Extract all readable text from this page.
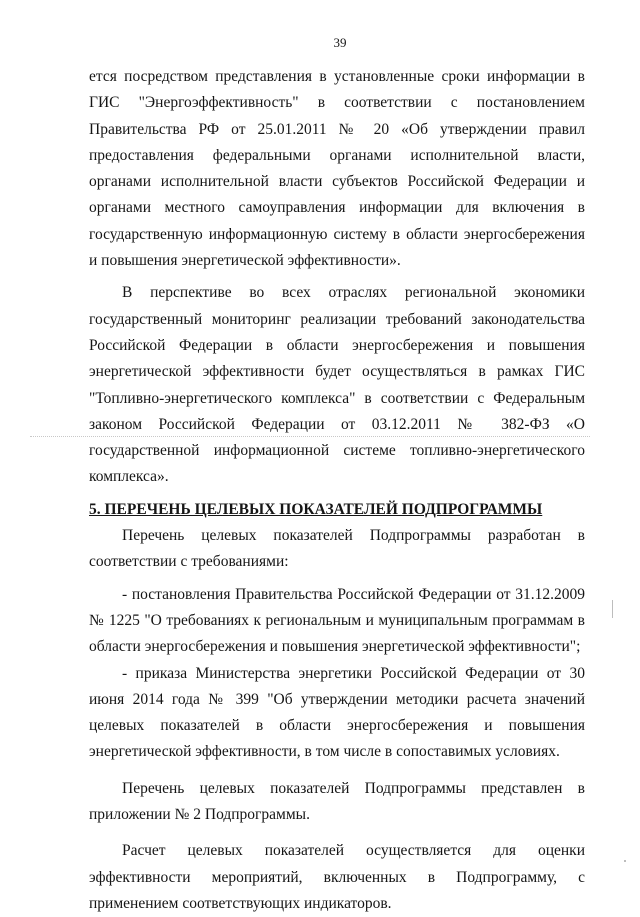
39

ется посредством представления в установленные сроки информации в ГИС "Энергоэффективность" в соответствии с постановлением Правительства РФ от 25.01.2011 № 20 «Об утверждении правил предоставления федеральными органами исполнительной власти, органами исполнительной власти субъектов Российской Федерации и органами местного самоуправления информации для включения в государственную информационную систему в области энергосбережения и повышения энергетической эффективности».

В перспективе во всех отраслях региональной экономики государственный мониторинг реализации требований законодательства Российской Федерации в области энергосбережения и повышения энергетической эффективности будет осуществляться в рамках ГИС "Топливно-энергетического комплекса" в соответствии с Федеральным законом Российской Федерации от 03.12.2011 № 382-ФЗ «О государственной информационной системе топливно-энергетического комплекса».

5. ПЕРЕЧЕНЬ ЦЕЛЕВЫХ ПОКАЗАТЕЛЕЙ ПОДПРОГРАММЫ

Перечень целевых показателей Подпрограммы разработан в соответствии с требованиями:

- постановления Правительства Российской Федерации от 31.12.2009 № 1225 "О требованиях к региональным и муниципальным программам в области энергосбережения и повышения энергетической эффективности";

- приказа Министерства энергетики Российской Федерации от 30 июня 2014 года № 399 "Об утверждении методики расчета значений целевых показателей в области энергосбережения и повышения энергетической эффективности, в том числе в сопоставимых условиях.

Перечень целевых показателей Подпрограммы представлен в приложении № 2 Подпрограммы.

Расчет целевых показателей осуществляется для оценки эффективности мероприятий, включенных в Подпрограмму, с применением соответствующих индикаторов.
